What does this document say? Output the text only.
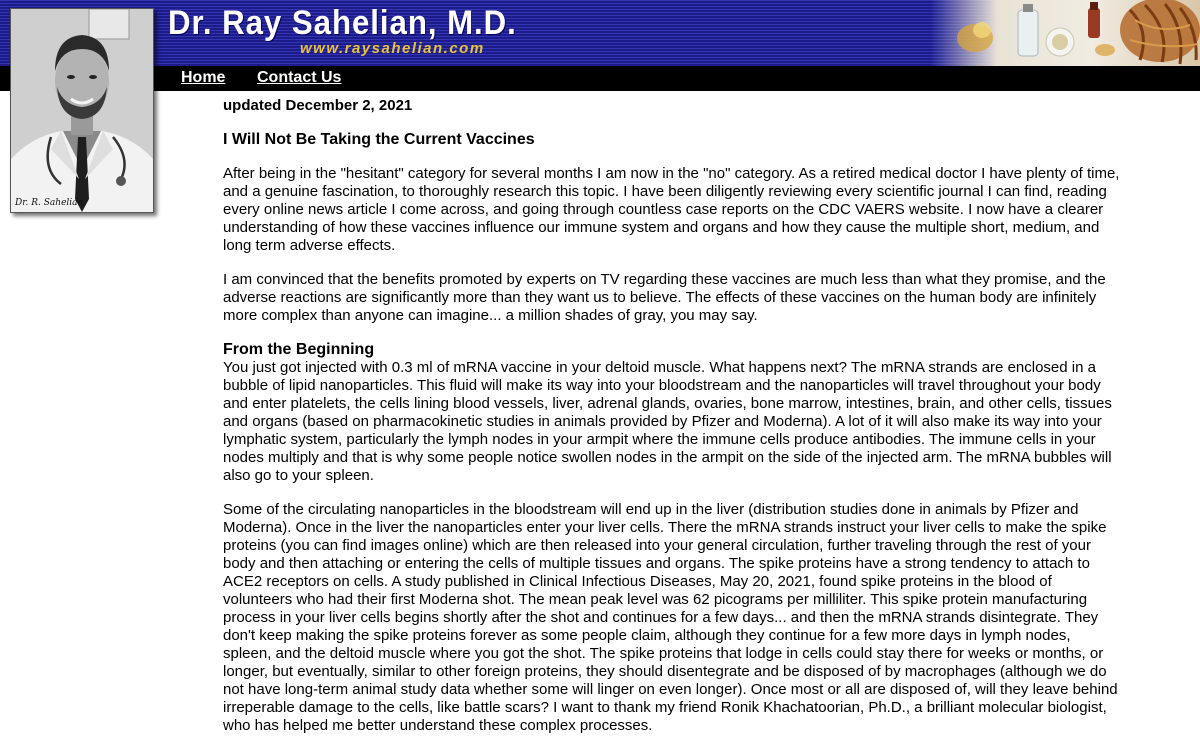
Dr. Ray Sahelian, M.D.
www.raysahelian.com
Home Contact Us
Dr. R. Sahelian
updated December 2, 2021
I Will Not Be Taking the Current Vaccines

After being in the "hesitant" category for several months I am now in the "no" category. As a retired medical doctor I have plenty of time, and a genuine fascination, to thoroughly research this topic. I have been diligently reviewing every scientific journal I can find, reading every online news article I come across, and going through countless case reports on the CDC VAERS website. I now have a clearer understanding of how these vaccines influence our immune system and organs and how they cause the multiple short, medium, and long term adverse effects.

I am convinced that the benefits promoted by experts on TV regarding these vaccines are much less than what they promise, and the adverse reactions are significantly more than they want us to believe. The effects of these vaccines on the human body are infinitely more complex than anyone can imagine... a million shades of gray, you may say.

From the Beginning

You just got injected with 0.3 ml of mRNA vaccine in your deltoid muscle. What happens next? The mRNA strands are enclosed in a bubble of lipid nanoparticles. This fluid will make its way into your bloodstream and the nanoparticles will travel throughout your body and enter platelets, the cells lining blood vessels, liver, adrenal glands, ovaries, bone marrow, intestines, brain, and other cells, tissues and organs (based on pharmacokinetic studies in animals provided by Pfizer and Moderna). A lot of it will also make its way into your lymphatic system, particularly the lymph nodes in your armpit where the immune cells produce antibodies. The immune cells in your nodes multiply and that is why some people notice swollen nodes in the armpit on the side of the injected arm. The mRNA bubbles will also go to your spleen.

Some of the circulating nanoparticles in the bloodstream will end up in the liver (distribution studies done in animals by Pfizer and Moderna). Once in the liver the nanoparticles enter your liver cells. There the mRNA strands instruct your liver cells to make the spike proteins (you can find images online) which are then released into your general circulation, further traveling through the rest of your body and then attaching or entering the cells of multiple tissues and organs. The spike proteins have a strong tendency to attach to ACE2 receptors on cells. A study published in Clinical Infectious Diseases, May 20, 2021, found spike proteins in the blood of volunteers who had their first Moderna shot. The mean peak level was 62 picograms per milliliter. This spike protein manufacturing process in your liver cells begins shortly after the shot and continues for a few days... and then the mRNA strands disintegrate. They don't keep making the spike proteins forever as some people claim, although they continue for a few more days in lymph nodes, spleen, and the deltoid muscle where you got the shot. The spike proteins that lodge in cells could stay there for weeks or months, or longer, but eventually, similar to other foreign proteins, they should disentegrate and be disposed of by macrophages (although we do not have long-term animal study data whether some will linger on even longer). Once most or all are disposed of, will they leave behind irreperable damage to the cells, like battle scars? I want to thank my friend Ronik Khachatoorian, Ph.D., a brilliant molecular biologist, who has helped me better understand these complex processes.
